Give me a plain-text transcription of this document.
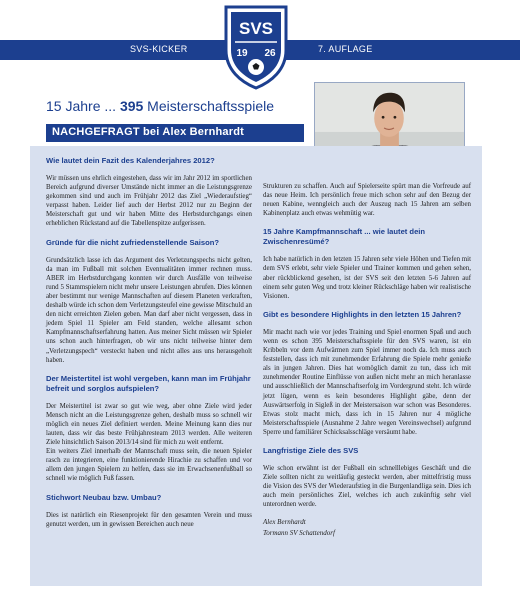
SVS-KICKER	7. AUFLAGE
SVS
19 26
15 Jahre ... 395 Meisterschaftsspiele
NACHGEFRAGT bei Alex Bernhardt
Wie lautet dein Fazit des Kalenderjahres 2012?
Wir müssen uns ehrlich eingestehen, dass wir im Jahr 2012 im sportlichen Bereich aufgrund diverser Umstände nicht immer an die Leistungsgrenze gekommen sind und auch im Frühjahr 2012 das Ziel „Wiederaufstieg“ verpasst haben. Leider lief auch der Herbst 2012 nur zu Beginn der Meisterschaft gut und wir haben Mitte des Herbstdurchgangs einen erheblichen Rückstand auf die Tabellenspitze aufgerissen.
Gründe für die nicht zufriedenstellende Saison?
Grundsätzlich lasse ich das Argument des Verletzungspechs nicht gelten, da man im Fußball mit solchen Eventualitäten immer rechnen muss. ABER im Herbstdurchgang konnten wir durch Ausfälle von teilweise rund 5 Stammspielern nicht mehr unsere Leistungen abrufen. Dies können aber bestimmt nur wenige Mannschaften auf diesem Planeten verkraften, deshalb würde ich schon dem Verletzungsteufel eine gewisse Mitschuld an den nicht erreichten Zielen geben. Man darf aber nicht vergessen, dass in jedem Spiel 11 Spieler am Feld standen, welche allesamt schon Kampfmannschaftserfahrung hatten. Aus meiner Sicht müssen wir Spieler uns schon auch hinterfragen, ob wir uns nicht teilweise hinter dem „Verletzungspech“ versteckt haben und nicht alles aus uns herausgeholt haben.
Der Meistertitel ist wohl vergeben, kann man im Frühjahr befreit und sorglos aufspielen?
Der Meistertitel ist zwar so gut wie weg, aber ohne Ziele wird jeder Mensch nicht an die Leistungsgrenze gehen, deshalb muss so schnell wir möglich ein neues Ziel definiert werden. Meine Meinung kann dies nur lauten, dass wir das beste Frühjahresteam 2013 werden. Alle weiteren Ziele hinsichtlich Saison 2013/14 sind für mich zu weit entfernt.
Ein weiters Ziel innerhalb der Mannschaft muss sein, die neuen Spieler rasch zu integrieren, eine funktionierende Hirachie zu schaffen und vor allem den jungen Spielern zu helfen, dass sie im Erwachsenenfußball so schnell wie möglich Fuß fassen.
Stichwort Neubau bzw. Umbau?
Dies ist natürlich ein Riesenprojekt für den gesamten Verein und muss genutzt werden, um in gewissen Bereichen auch neue
Strukturen zu schaffen. Auch auf Spielerseite spürt man die Vorfreude auf das neue Heim. Ich persönlich freue mich schon sehr auf den Bezug der neuen Kabine, wenngleich auch der Auszug nach 15 Jahren am selben Kabinenplatz auch etwas wehmütig war.
15 Jahre Kampfmannschaft ... wie lautet dein Zwischenresümé?
Ich habe natürlich in den letzten 15 Jahren sehr viele Höhen und Tiefen mit dem SVS erlebt, sehr viele Spieler und Trainer kommen und gehen sehen, aber rückblickend gesehen, ist der SVS seit den letzten 5-6 Jahren auf einem sehr guten Weg und trotz kleiner Rückschläge haben wir realistische Visionen.
Gibt es besondere Highlights in den letzten 15 Jahren?
Mir macht nach wie vor jedes Training und Spiel enormen Spaß und auch wenn es schon 395 Meisterschaftsspiele für den SVS waren, ist ein Kribbeln vor dem Aufwärmen zum Spiel immer noch da. Ich muss auch feststellen, dass ich mit zunehmender Erfahrung die Spiele mehr genieße als in jungen Jahren. Dies hat womöglich damit zu tun, dass ich mit zunehmender Routine Einflüsse von außen nicht mehr an mich heranlasse und ausschließlich der Mannschaftserfolg im Vordergrund steht. Ich würde jetzt lügen, wenn es kein besonderes Highlight gäbe, denn der Auswärtserfolg in Sigleß in der Meistersaison war schon was Besonderes. Etwas stolz macht mich, dass ich in 15 Jahren nur 4 mögliche Meisterschaftsspiele (Ausnahme 2 Jahre wegen Vereinswechsel) aufgrund Sperre und familiärer Schicksalsschläge versäumt habe.
Langfristige Ziele des SVS
Wie schon erwähnt ist der Fußball ein schnelllebiges Geschäft und die Ziele sollten nicht zu weitläufig gesteckt werden, aber mittelfristig muss die Vision des SVS der Wiederaufstieg in die Burgenlandliga sein. Dies ich auch mein persönliches Ziel, welches ich auch zukünftig sehr viel unterordnen werde.
Alex Bernhardt
Tormann SV Schattendorf
